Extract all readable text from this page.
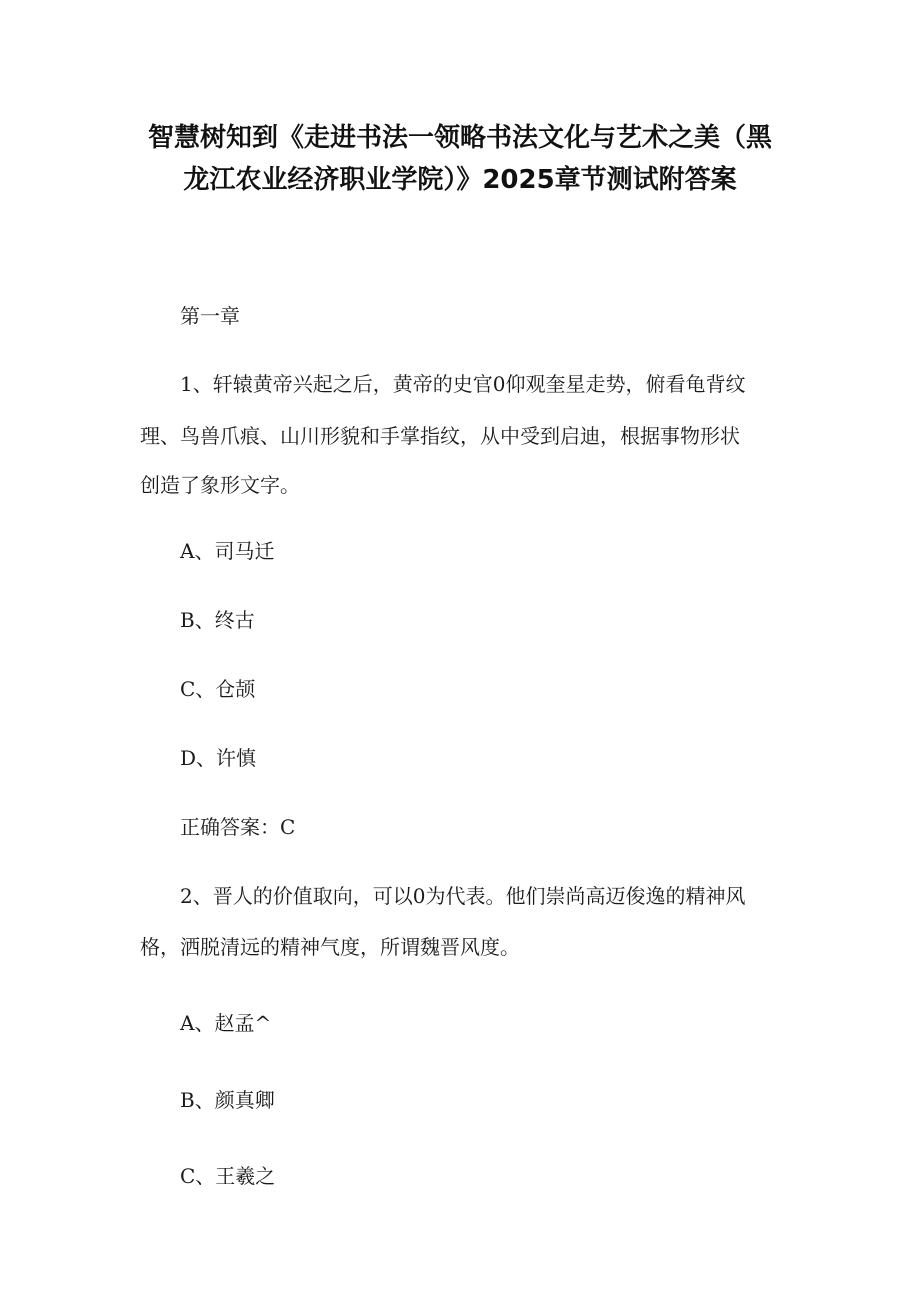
智慧树知到《走进书法一领略书法文化与艺术之美（黑
龙江农业经济职业学院）》2025章节测试附答案
第一章
1、轩辕黄帝兴起之后，黄帝的史官0仰观奎星走势，俯看龟背纹
理、鸟兽爪痕、山川形貌和手掌指纹，从中受到启迪，根据事物形状
创造了象形文字。
A、司马迁
B、终古
C、仓颉
D、许慎
正确答案：C
2、晋人的价值取向，可以0为代表。他们崇尚高迈俊逸的精神风
格，洒脱清远的精神气度，所谓魏晋风度。
A、赵孟^
B、颜真卿
C、王羲之
